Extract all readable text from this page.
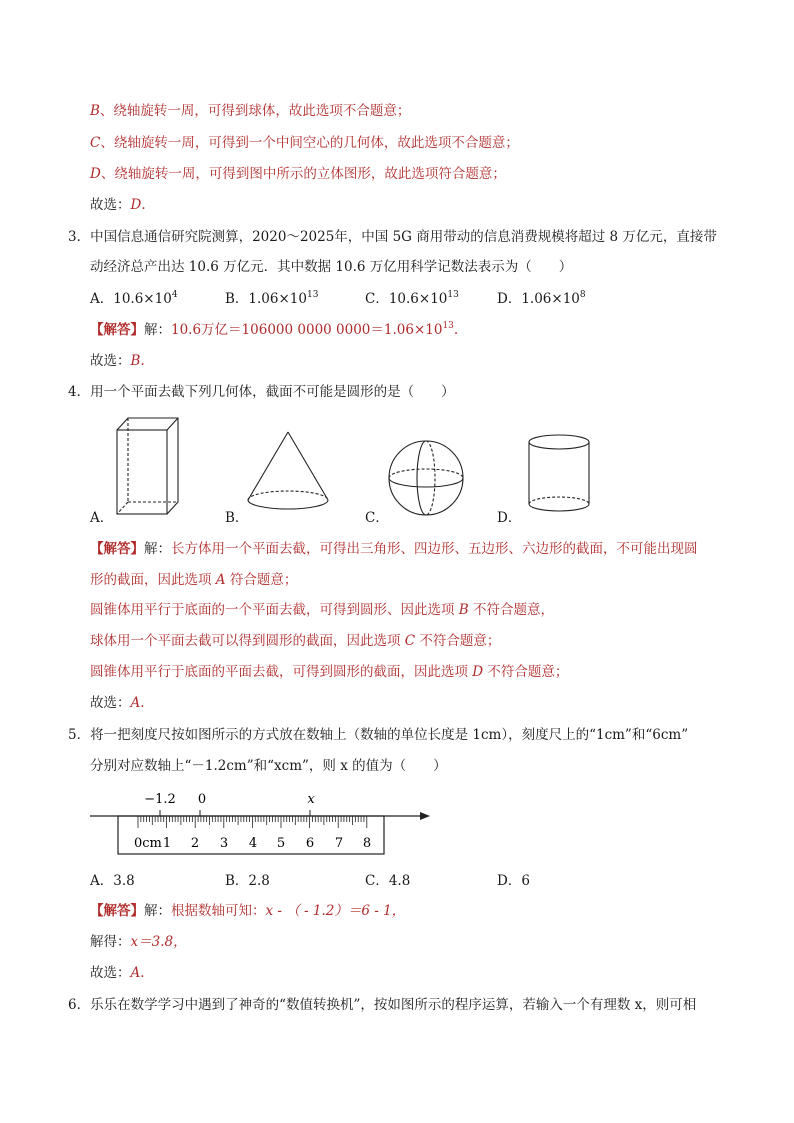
B、绕轴旋转一周，可得到球体，故此选项不合题意；
C、绕轴旋转一周，可得到一个中间空心的几何体，故此选项不合题意；
D、绕轴旋转一周，可得到图中所示的立体图形，故此选项符合题意；
故选：D.
3．中国信息通信研究院测算，2020～2025年，中国 5G 商用带动的信息消费规模将超过 8 万亿元，直接带
动经济总产出达 10.6 万亿元．其中数据 10.6 万亿用科学记数法表示为（　　）
A．$10.6\times 10^4$	B．$1.06\times 10^{13}$	C．$10.6\times 10^{13}$	D．$1.06\times 10^8$
【解答】解：10.6万亿＝106000 0000 $0000=1.06\times 10^{13}$.
故选：B.
4．用一个平面去截下列几何体，截面不可能是圆形的是（　　）
A．	B．	C．	D．
【解答】解：长方体用一个平面去截，可得出三角形、四边形、五边形、六边形的截面，不可能出现圆
形的截面，因此选项 A 符合题意；
圆锥体用平行于底面的一个平面去截，可得到圆形、因此选项 B 不符合题意，
球体用一个平面去截可以得到圆形的截面，因此选项 C 不符合题意；
圆锥体用平行于底面的平面去截，可得到圆形的截面，因此选项 D 不符合题意；
故选：A.
5．将一把刻度尺按如图所示的方式放在数轴上（数轴的单位长度是 1cm），刻度尺上的“1cm”和“6cm”
分别对应数轴上“－1.2cm”和“xcm”，则 x 的值为（　　）
−1.2 0	x
0cm 1 2 3 4 5 6 7 8
A．3.8	B．2.8	C．4.8	D．6
【解答】解：根据数轴可知：x - （ - 1.2）＝6 - 1，
解得：x＝3.8，
故选：A.
6．乐乐在数学学习中遇到了神奇的“数值转换机”，按如图所示的程序运算，若输入一个有理数 x，则可相
